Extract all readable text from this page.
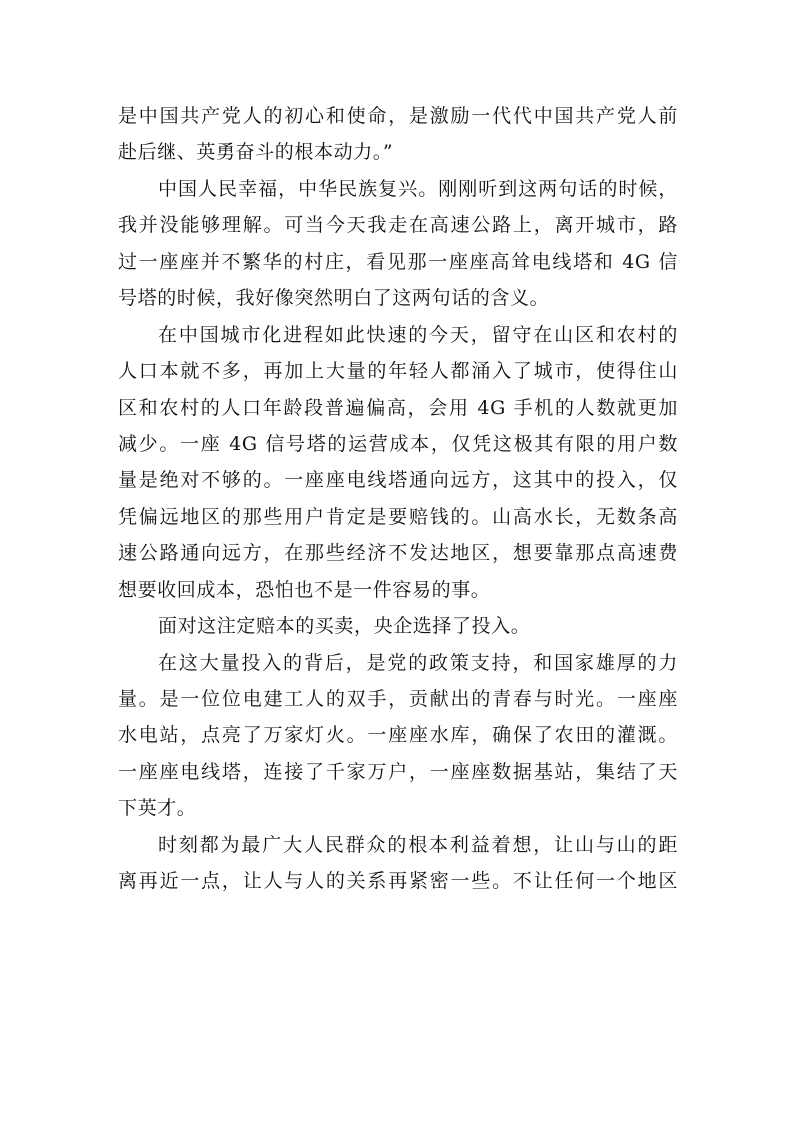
是中国共产党人的初心和使命，是激励一代代中国共产党人前
赴后继、英勇奋斗的根本动力。”
中国人民幸福，中华民族复兴。刚刚听到这两句话的时候，
我并没能够理解。可当今天我走在高速公路上，离开城市，路
过一座座并不繁华的村庄，看见那一座座高耸电线塔和 4G 信
号塔的时候，我好像突然明白了这两句话的含义。
在中国城市化进程如此快速的今天，留守在山区和农村的
人口本就不多，再加上大量的年轻人都涌入了城市，使得住山
区和农村的人口年龄段普遍偏高，会用 4G 手机的人数就更加
减少。一座 4G 信号塔的运营成本，仅凭这极其有限的用户数
量是绝对不够的。一座座电线塔通向远方，这其中的投入，仅
凭偏远地区的那些用户肯定是要赔钱的。山高水长，无数条高
速公路通向远方，在那些经济不发达地区，想要靠那点高速费
想要收回成本，恐怕也不是一件容易的事。
面对这注定赔本的买卖，央企选择了投入。
在这大量投入的背后，是党的政策支持，和国家雄厚的力
量。是一位位电建工人的双手，贡献出的青春与时光。一座座
水电站，点亮了万家灯火。一座座水库，确保了农田的灌溉。
一座座电线塔，连接了千家万户，一座座数据基站，集结了天
下英才。
时刻都为最广大人民群众的根本利益着想，让山与山的距
离再近一点，让人与人的关系再紧密一些。不让任何一个地区
